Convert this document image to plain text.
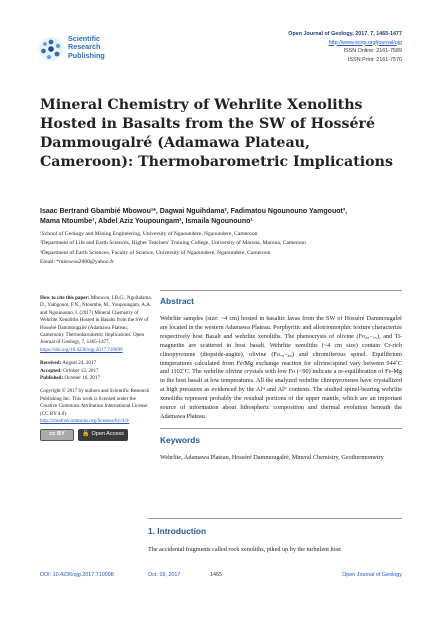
Scientific
Research
Publishing
Open Journal of Geology, 2017, 7, 1465-1477
http://www.scirp.org/journal/ojg
ISSN Online: 2161-7589
ISSN Print: 2161-7570
Mineral Chemistry of Wehrlite Xenoliths Hosted in Basalts from the SW of Hosséré Dammougalré (Adamawa Plateau, Cameroon): Thermobarometric Implications
Isaac Bertrand Gbambié Mbowou¹*, Dagwai Nguihdama², Fadimatou Ngounouno Yamgouot³,
Mama Ntoumbe¹, Abdel Aziz Youpoungam¹, Ismaila Ngounouno¹
¹School of Geology and Mining Engineering, University of Ngaoundere, Ngaoundere, Cameroon
²Department of Life and Earth Sciences, Higher Teachers' Training College, University of Maroua, Maroua, Cameroon
³Department of Earth Sciences, Faculty of Science, University of Ngaoundere, Ngaoundere, Cameroon
Email: *mbowou2000@yahoo.fr
How to cite this paper: Mbowou, I.B.G., Nguihdama, D., Yamgouot, F.N., Ntoumbe, M., Youpoungam, A.A. and Ngounouno, I. (2017) Mineral Chemistry of Wehrlite Xenoliths Hosted in Basalts from the SW of Hosséré Dammougalré (Adamawa Plateau, Cameroon): Thermobarometric Implications. Open Journal of Geology, 7, 1465-1477.
https://doi.org/10.4236/ojg.2017.710099
Received: August 24, 2017
Accepted: October 13, 2017
Published: October 16, 2017
Copyright © 2017 by authors and Scientific Research Publishing Inc. This work is licensed under the Creative Commons Attribution International License (CC BY 4.0).
http://creativecommons.org/licenses/by/4.0/
cc BY	🔓 Open Access
Abstract

Wehrlite samples (size: ~4 cm) hosted in basaltic lavas from the SW of Hosséré Dammougalré are located in the western Adamawa Plateau. Porphyritic and allotriomorphic texture characterize respectively host Basalt and wehrlite xenoliths. The phenocrysts of olivine (Fo₆₈₋₇₅), and Ti-magnetite are scattered in host basalt. Wehrlite xenoliths (~4 cm size) contain Cr-rich clinopyroxene (diopside-augite), olivine (Fo₇₉₋₈₀) and chromiferous spinel. Equilibrium temperatures calculated from Fe/Mg exchange reaction for olivine/spinel vary between 944˚C and 1102˚C. The wehrlite olivine crystals with low Fo (<90) indicate a re-equilibration of Fe-Mg in the host basalt at low temperatures. All the analyzed wehrlite clinopyroxenes have crystallized at high pressures as evidenced by the Alᵛᴵ and Alᴵᵛ contents. The studied spinel-bearing wehrlite xenoliths represent probably the residual portions of the upper mantle, which are an important source of information about lithospheric composition and thermal evolution beneath the Adamawa Plateau.

Keywords

Wehrlite, Adamawa Plateau, Hosséré Dammougalré, Mineral Chemistry, Geothermometry

1. Introduction

The accidental fragments called rock xenoliths, piked up by the turbulent host

DOI: 10.4236/ojg.2017.710098	Oct. 16, 2017	1465	Open Journal of Geology
